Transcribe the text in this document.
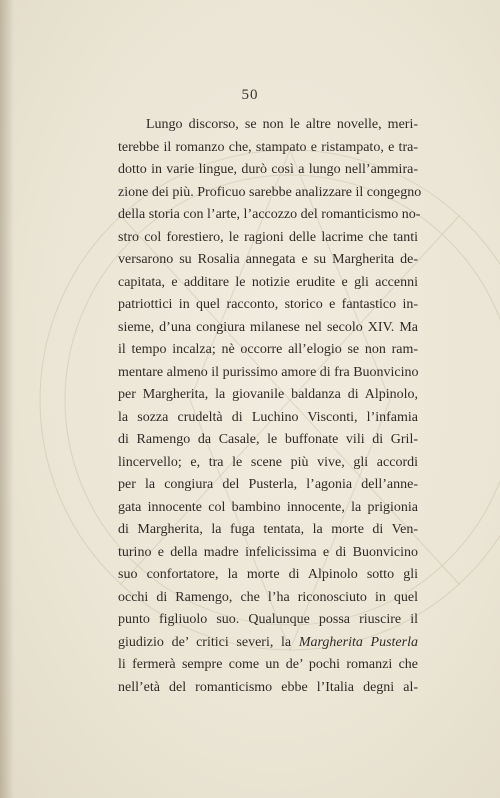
50
Lungo discorso, se non le altre novelle, meri-
terebbe il romanzo che, stampato e ristampato, e tra-
dotto in varie lingue, durò così a lungo nell’ammira-
zione dei più. Proficuo sarebbe analizzare il congegno
della storia con l’arte, l’accozzo del romanticismo no-
stro col forestiero, le ragioni delle lacrime che tanti
versarono su Rosalia annegata e su Margherita de-
capitata, e additare le notizie erudite e gli accenni
patriottici in quel racconto, storico e fantastico in-
sieme, d’una congiura milanese nel secolo XIV. Ma
il tempo incalza; nè occorre all’elogio se non ram-
mentare almeno il purissimo amore di fra Buonvicino
per Margherita, la giovanile baldanza di Alpinolo,
la sozza crudeltà di Luchino Visconti, l’infamia
di Ramengo da Casale, le buffonate vili di Gril-
lincervello; e, tra le scene più vive, gli accordi
per la congiura del Pusterla, l’agonia dell’anne-
gata innocente col bambino innocente, la prigionia
di Margherita, la fuga tentata, la morte di Ven-
turino e della madre infelicissima e di Buonvicino
suo confortatore, la morte di Alpinolo sotto gli
occhi di Ramengo, che l’ha riconosciuto in quel
punto figliuolo suo. Qualunque possa riuscire il
giudizio de’ critici severi, la Margherita Pusterla
li fermerà sempre come un de’ pochi romanzi che
nell’età del romanticismo ebbe l’Italia degni al-
